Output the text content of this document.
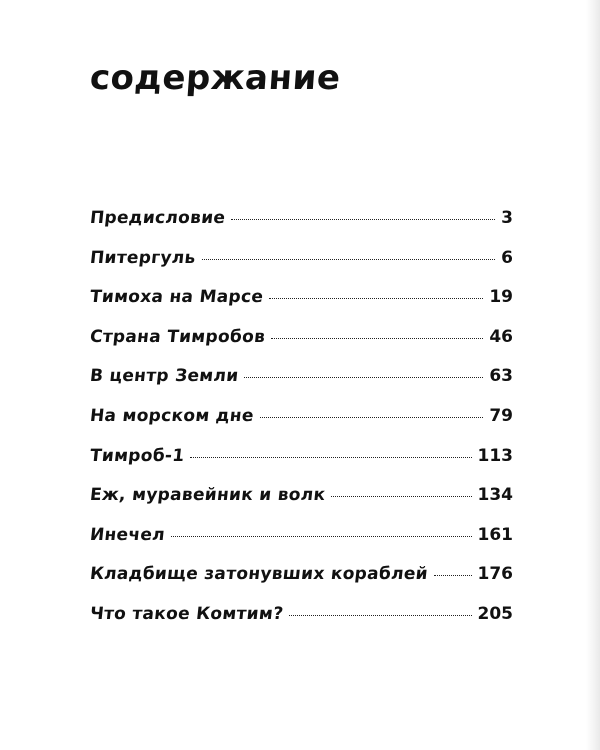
содержание
Предисловие	3
Питергуль	6
Тимоха на Марсе	19
Страна Тимробов	46
В центр Земли	63
На морском дне	79
Тимроб-1	113
Еж, муравейник и волк	134
Инечел	161
Кладбище затонувших кораблей	176
Что такое Комтим?	205
